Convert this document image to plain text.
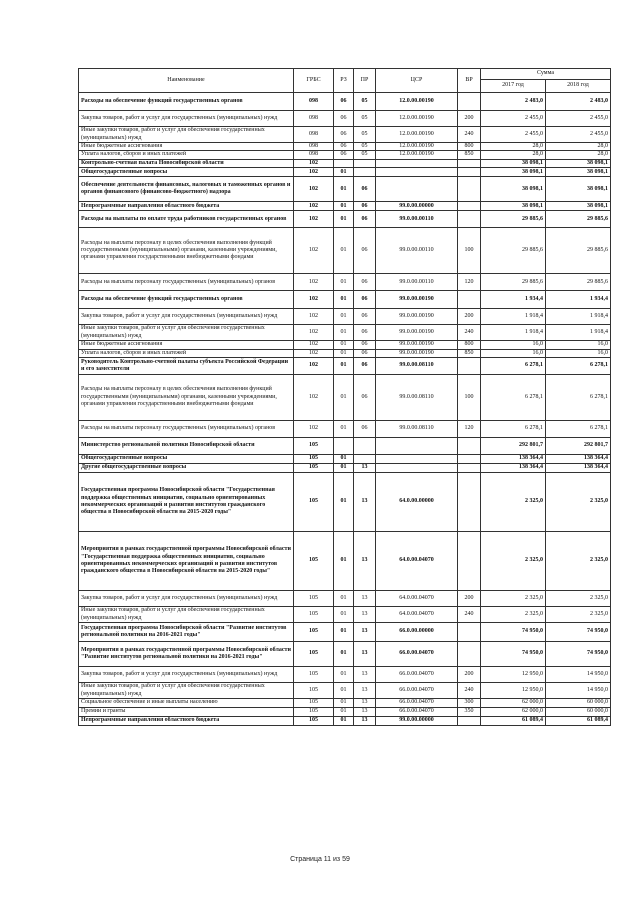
Наименование	ГРБС	РЗ	ПР	ЦСР	ВР	Сумма	
						2017 год	2018 год
Расходы на обеспечение функций государственных органов	098	06	05	12.0.00.00190		2 483,0	2 483,0
Закупка товаров, работ и услуг для государственных (муниципальных) нужд	098	06	05	12.0.00.00190	200	2 455,0	2 455,0
Иные закупки товаров, работ и услуг для обеспечения государственных (муниципальных) нужд	098	06	05	12.0.00.00190	240	2 455,0	2 455,0
Иные бюджетные ассигнования	098	06	05	12.0.00.00190	800	28,0	28,0
Уплата налогов, сборов и иных платежей	098	06	05	12.0.00.00190	850	28,0	28,0
Контрольно-счетная палата Новосибирской области	102					38 098,1	38 098,1
Общегосударственные вопросы	102	01				38 098,1	38 098,1
Обеспечение деятельности финансовых, налоговых и таможенных органов и органов финансового (финансово-бюджетного) надзора	102	01	06			38 098,1	38 098,1
Непрограммные направления областного бюджета	102	01	06	99.0.00.00000		38 098,1	38 098,1
Расходы на выплаты по оплате труда работников государственных органов	102	01	06	99.0.00.00110		29 885,6	29 885,6
Расходы на выплаты персоналу в целях обеспечения выполнения функций государственными (муниципальными) органами, казенными учреждениями, органами управления государственными внебюджетными фондами	102	01	06	99.0.00.00110	100	29 885,6	29 885,6
Расходы на выплаты персоналу государственных (муниципальных) органов	102	01	06	99.0.00.00110	120	29 885,6	29 885,6
Расходы на обеспечение функций государственных органов	102	01	06	99.0.00.00190		1 934,4	1 934,4
Закупка товаров, работ и услуг для государственных (муниципальных) нужд	102	01	06	99.0.00.00190	200	1 918,4	1 918,4
Иные закупки товаров, работ и услуг для обеспечения государственных (муниципальных) нужд	102	01	06	99.0.00.00190	240	1 918,4	1 918,4
Иные бюджетные ассигнования	102	01	06	99.0.00.00190	800	16,0	16,0
Уплата налогов, сборов и иных платежей	102	01	06	99.0.00.00190	850	16,0	16,0
Руководитель Контрольно-счетной палаты субъекта Российской Федерации и его заместители	102	01	06	99.0.00.08110		6 278,1	6 278,1
Расходы на выплаты персоналу в целях обеспечения выполнения функций государственными (муниципальными) органами, казенными учреждениями, органами управления государственными внебюджетными фондами	102	01	06	99.0.00.08110	100	6 278,1	6 278,1
Расходы на выплаты персоналу государственных (муниципальных) органов	102	01	06	99.0.00.08110	120	6 278,1	6 278,1
Министерство региональной политики Новосибирской области	105					292 801,7	292 801,7
Общегосударственные вопросы	105	01				138 364,4	138 364,4
Другие общегосударственные вопросы	105	01	13			138 364,4	138 364,4
Государственная программа Новосибирской области "Государственная поддержка общественных инициатив, социально ориентированных некоммерческих организаций и развития институтов гражданского общества в Новосибирской области на 2015-2020 годы"	105	01	13	64.0.00.00000		2 325,0	2 325,0
Мероприятия в рамках государственной программы Новосибирской области "Государственная поддержка общественных инициатив, социально ориентированных некоммерческих организаций и развития институтов гражданского общества в Новосибирской области на 2015-2020 годы"	105	01	13	64.0.00.04070		2 325,0	2 325,0
Закупка товаров, работ и услуг для государственных (муниципальных) нужд	105	01	13	64.0.00.04070	200	2 325,0	2 325,0
Иные закупки товаров, работ и услуг для обеспечения государственных (муниципальных) нужд	105	01	13	64.0.00.04070	240	2 325,0	2 325,0
Государственная программа Новосибирской области "Развитие институтов региональной политики на 2016-2021 годы"	105	01	13	66.0.00.00000		74 950,0	74 950,0
Мероприятия в рамках государственной программы Новосибирской области "Развитие институтов региональной политики на 2016-2021 годы"	105	01	13	66.0.00.04070		74 950,0	74 950,0
Закупка товаров, работ и услуг для государственных (муниципальных) нужд	105	01	13	66.0.00.04070	200	12 950,0	14 950,0
Иные закупки товаров, работ и услуг для обеспечения государственных (муниципальных) нужд	105	01	13	66.0.00.04070	240	12 950,0	14 950,0
Социальное обеспечение и иные выплаты населению	105	01	13	66.0.00.04070	300	62 000,0	60 000,0
Премии и гранты	105	01	13	66.0.00.04070	350	62 000,0	60 000,0
Непрограммные направления областного бюджета	105	01	13	99.0.00.00000		61 089,4	61 089,4
Страница 11 из 59
